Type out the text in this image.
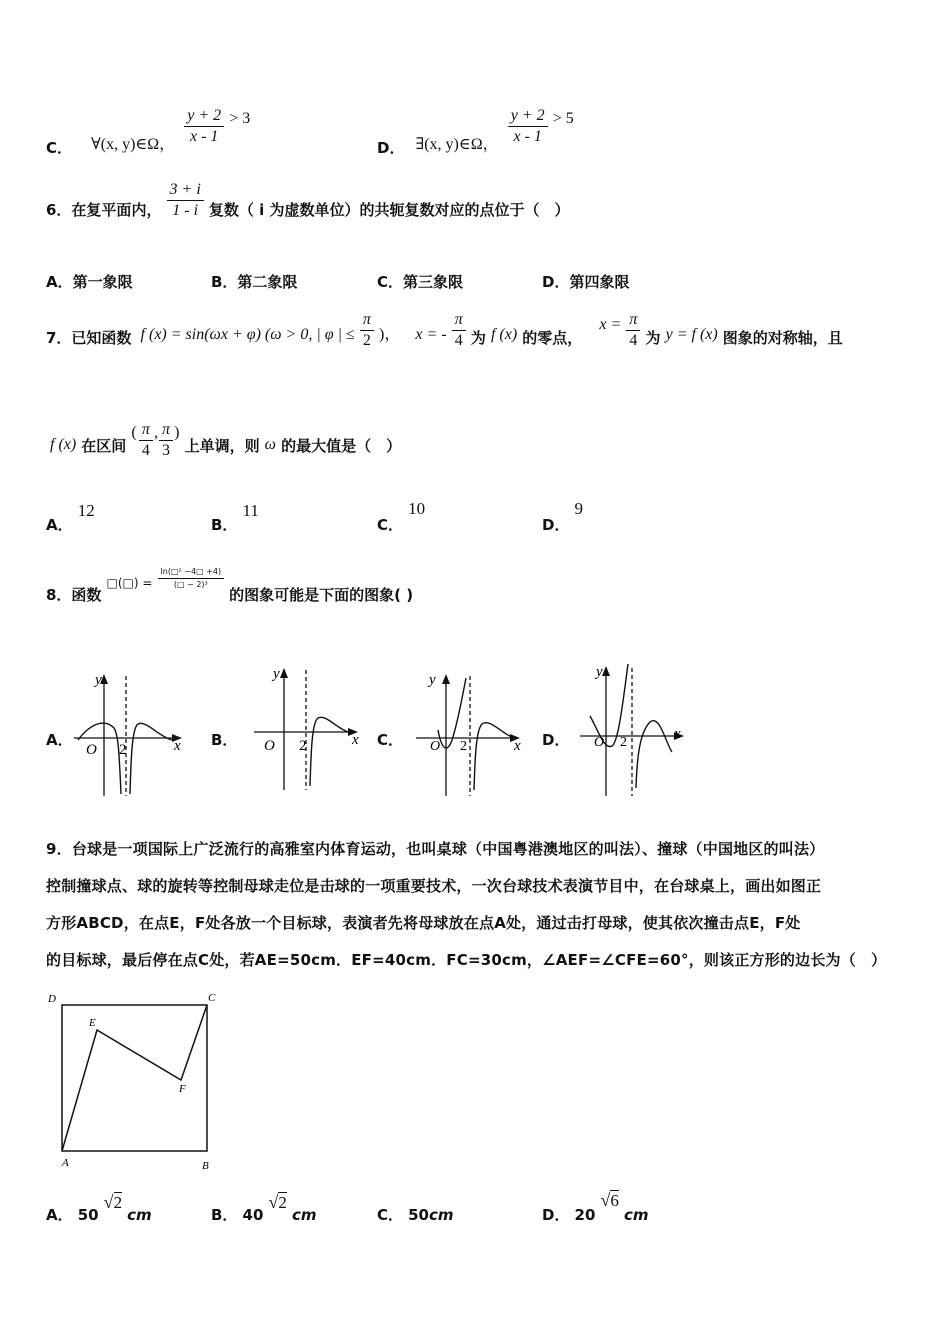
C． ∀(x, y)∈Ω， $\frac{y + 2}{x - 1} > 3$
D． ∃(x, y)∈Ω， $\frac{y + 2}{x - 1} > 5$
6．在复平面内， $\frac{3 + i}{1 - i}$ 复数（ i 为虚数单位）的共轭复数对应的点位于（　）
A．第一象限	B．第二象限	C．第三象限	D．第四象限
7．已知函数 f (x) = sin(ωx + φ) (ω > 0, | φ | ≤ $\frac{\pi}{2}$ )， x = - $\frac{\pi}{4}$ 为 f (x) 的零点， $x = \frac{\pi}{4}$ 为 y = f (x) 图象的对称轴，且
f (x) 在区间 ( $\frac{\pi}{4}$ , $\frac{\pi}{3}$ ) 上单调，则 ω 的最大值是（　）
A． 12
B． 11
C． 10
D． 9
8．函数 $_{□(□) =} \frac{\text{ln(□² −4□ +4)}}{\text{(□ − 2)³}}$
的图象可能是下面的图象( )
A．	B．	C．	D．
y
x
O 2
y
x
O 2
y
x
O 2
y
x
O 2
9．台球是一项国际上广泛流行的高雅室内体育运动，也叫桌球（中国粤港澳地区的叫法）、撞球（中国地区的叫法）
控制撞球点、球的旋转等控制母球走位是击球的一项重要技术，一次台球技术表演节目中，在台球桌上，画出如图正
方形ABCD，在点E，F处各放一个目标球，表演者先将母球放在点A处，通过击打母球，使其依次撞击点E，F处
的目标球，最后停在点C处，若AE=50cm．EF=40cm．FC=30cm，∠AEF=∠CFE=60°，则该正方形的边长为（　）
D	C
E
F
A	B
A． 50 √2 cm	B． 40 √2 cm	C． 50cm	D． 20 √6 cm
